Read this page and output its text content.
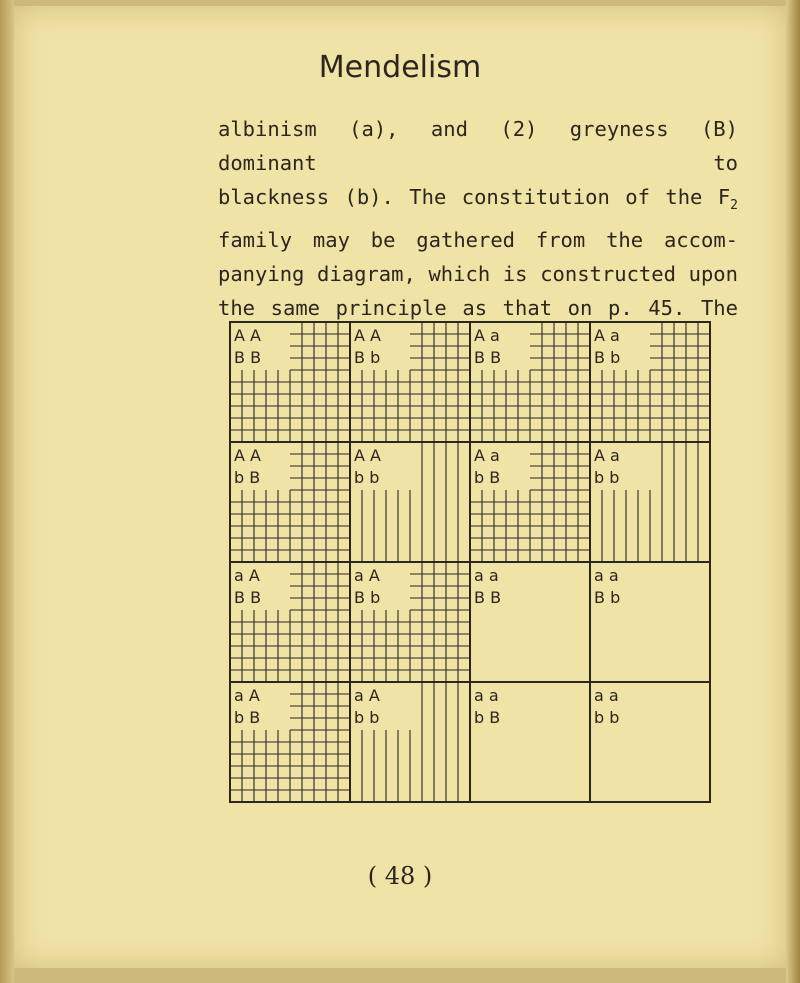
Mendelism
albinism (a), and (2) greyness (B) dominant to
blackness (b). The constitution of the $F_2$
family may be gathered from the accom-
panying diagram, which is constructed upon
the same principle as that on p. 45. The
A A
B B
A A
B b
A a
B B
A a
B b
A A
b B
A A
b b
A a
b B
A a
b b
a A
B B
a A
B b
a a
B B
a a
B b
a A
b B
a A
b b
a a
b B
a a
b b
( 48 )
